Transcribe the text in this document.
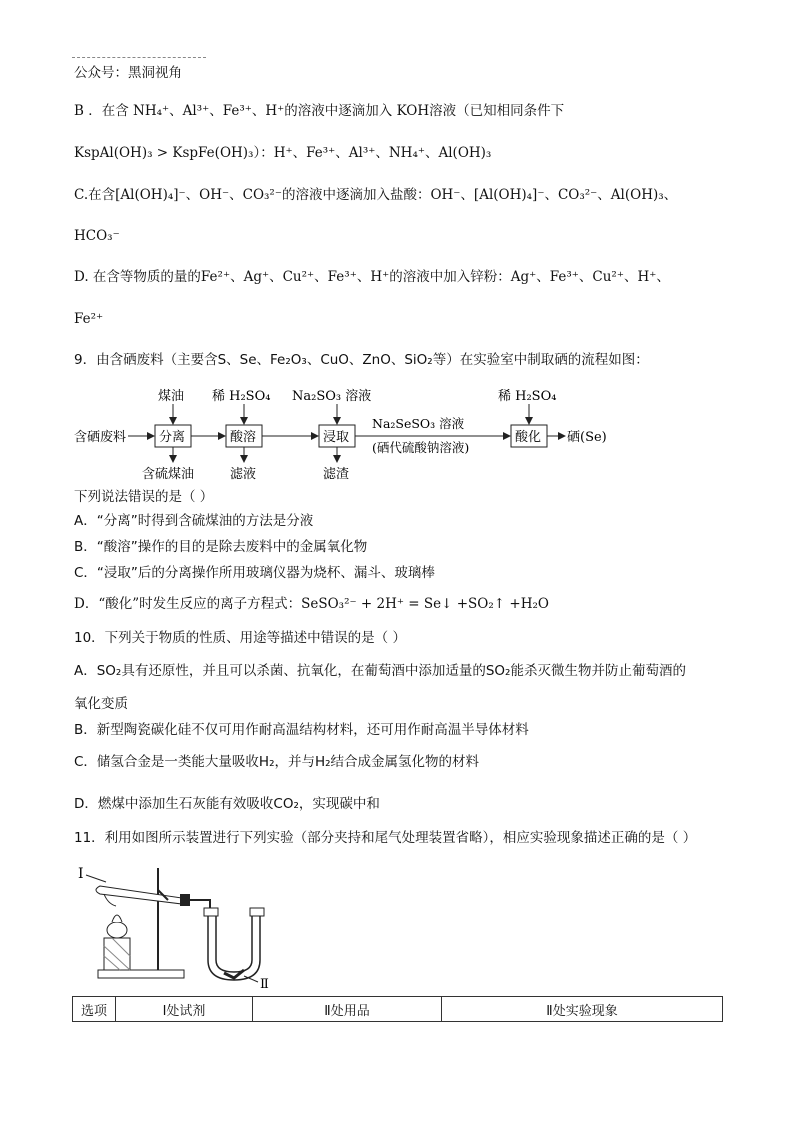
公众号：黑洞视角
B ．在含 NH₄⁺、Al³⁺、Fe³⁺、H⁺的溶液中逐滴加入 KOH溶液（已知相同条件下
KspAl(OH)₃ > KspFe(OH)₃）：H⁺、Fe³⁺、Al³⁺、NH₄⁺、Al(OH)₃
C.在含[Al(OH)₄]⁻、OH⁻、CO₃²⁻的溶液中逐滴加入盐酸：OH⁻、[Al(OH)₄]⁻、CO₃²⁻、Al(OH)₃、
HCO₃⁻
D. 在含等物质的量的Fe²⁺、Ag⁺、Cu²⁺、Fe³⁺、H⁺的溶液中加入锌粉：Ag⁺、Fe³⁺、Cu²⁺、H⁺、
Fe²⁺
9．由含硒废料（主要含S、Se、Fe₂O₃、CuO、ZnO、SiO₂等）在实验室中制取硒的流程如图：
含硒废料	分离	酸溶	浸取
Na₂SeSO₃ 溶液
(硒代硫酸钠溶液)
酸化 硒(Se)
煤油 稀 H₂SO₄ Na₂SO₃ 溶液	稀 H₂SO₄
含硫煤油	滤液	滤渣
下列说法错误的是（ ）
A．“分离”时得到含硫煤油的方法是分液
B．“酸溶”操作的目的是除去废料中的金属氧化物
C．“浸取”后的分离操作所用玻璃仪器为烧杯、漏斗、玻璃棒
D．“酸化”时发生反应的离子方程式：SeSO₃²⁻ + 2H⁺ = Se↓ +SO₂↑ +H₂O
10．下列关于物质的性质、用途等描述中错误的是（ ）
A．SO₂具有还原性，并且可以杀菌、抗氧化，在葡萄酒中添加适量的SO₂能杀灭微生物并防止葡萄酒的
氧化变质
B．新型陶瓷碳化硅不仅可用作耐高温结构材料，还可用作耐高温半导体材料
C．储氢合金是一类能大量吸收H₂，并与H₂结合成金属氢化物的材料
D．燃煤中添加生石灰能有效吸收CO₂，实现碳中和
11．利用如图所示装置进行下列实验（部分夹持和尾气处理装置省略），相应实验现象描述正确的是（ ）
I
Ⅱ
选项	I处试剂	Ⅱ处用品	Ⅱ处实验现象
